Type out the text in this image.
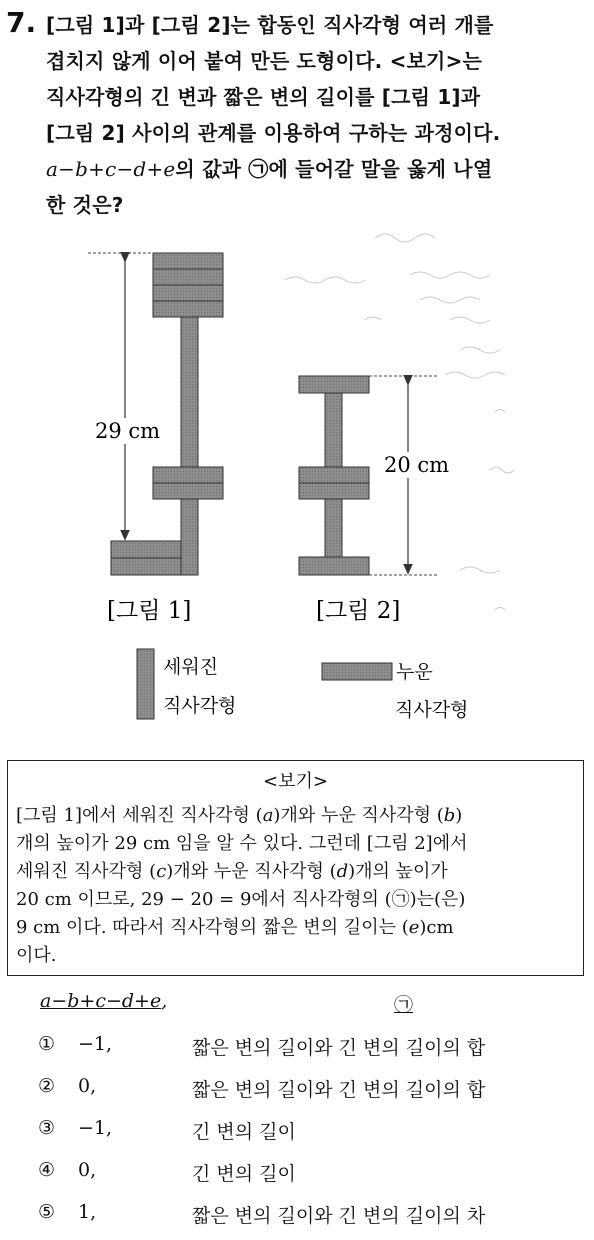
7. [그림 1]과 [그림 2]는 합동인 직사각형 여러 개를
겹치지 않게 이어 붙여 만든 도형이다. <보기>는
직사각형의 긴 변과 짧은 변의 길이를 [그림 1]과
[그림 2] 사이의 관계를 이용하여 구하는 과정이다.
a−b+c−d+e의 값과 ㉠에 들어갈 말을 옳게 나열
한 것은?
29 cm
20 cm
[그림 1]	[그림 2]
세워진
직사각형
누운
직사각형
<보기>
[그림 1]에서 세워진 직사각형 (a)개와 누운 직사각형 (b)
개의 높이가 29 cm 임을 알 수 있다. 그런데 [그림 2]에서
세워진 직사각형 (c)개와 누운 직사각형 (d)개의 높이가
20 cm 이므로, 29 − 20 = 9에서 직사각형의 (㉠)는(은)
9 cm 이다. 따라서 직사각형의 짧은 변의 길이는 (e)cm
이다.
a−b+c−d+e,	㉠
① −1,	짧은 변의 길이와 긴 변의 길이의 합
② 0,	짧은 변의 길이와 긴 변의 길이의 합
③ −1,	긴 변의 길이
④ 0,	긴 변의 길이
⑤ 1,	짧은 변의 길이와 긴 변의 길이의 차
